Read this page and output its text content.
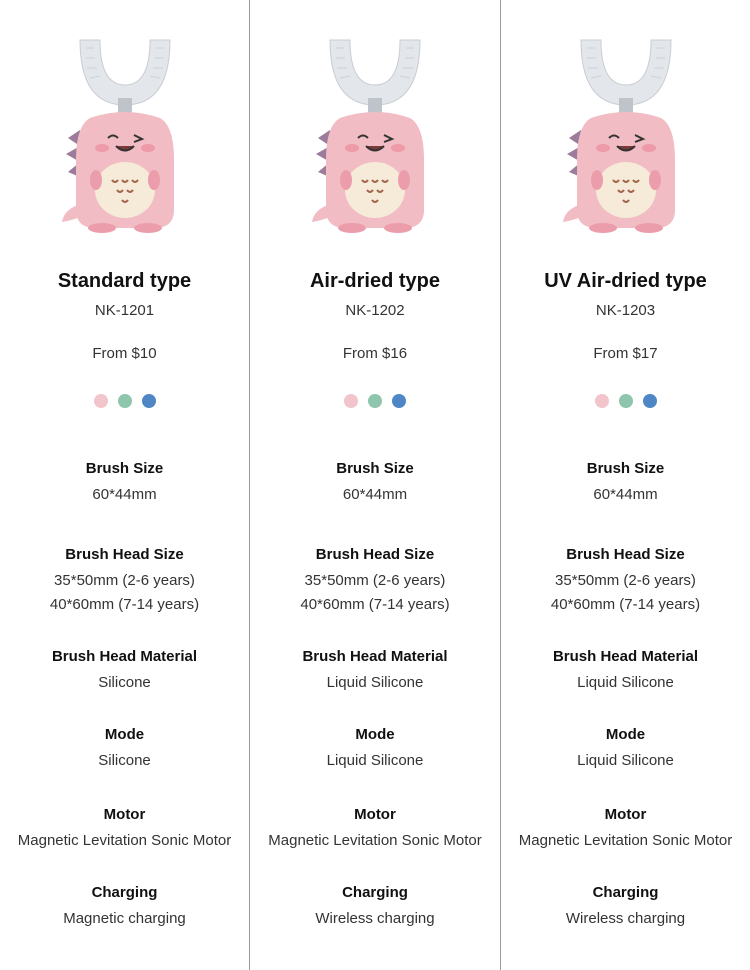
Standard type
NK-1201
From $10
Brush Size
60*44mm
Brush Head Size
35*50mm (2-6 years)
40*60mm (7-14 years)
Brush Head Material
Silicone
Mode
Silicone
Motor
Magnetic Levitation Sonic Motor
Charging
Magnetic charging
Air-dried type
NK-1202
From $16
Brush Size
60*44mm
Brush Head Size
35*50mm (2-6 years)
40*60mm (7-14 years)
Brush Head Material
Liquid Silicone
Mode
Liquid Silicone
Motor
Magnetic Levitation Sonic Motor
Charging
Wireless charging
UV Air-dried type
NK-1203
From $17
Brush Size
60*44mm
Brush Head Size
35*50mm (2-6 years)
40*60mm (7-14 years)
Brush Head Material
Liquid Silicone
Mode
Liquid Silicone
Motor
Magnetic Levitation Sonic Motor
Charging
Wireless charging
